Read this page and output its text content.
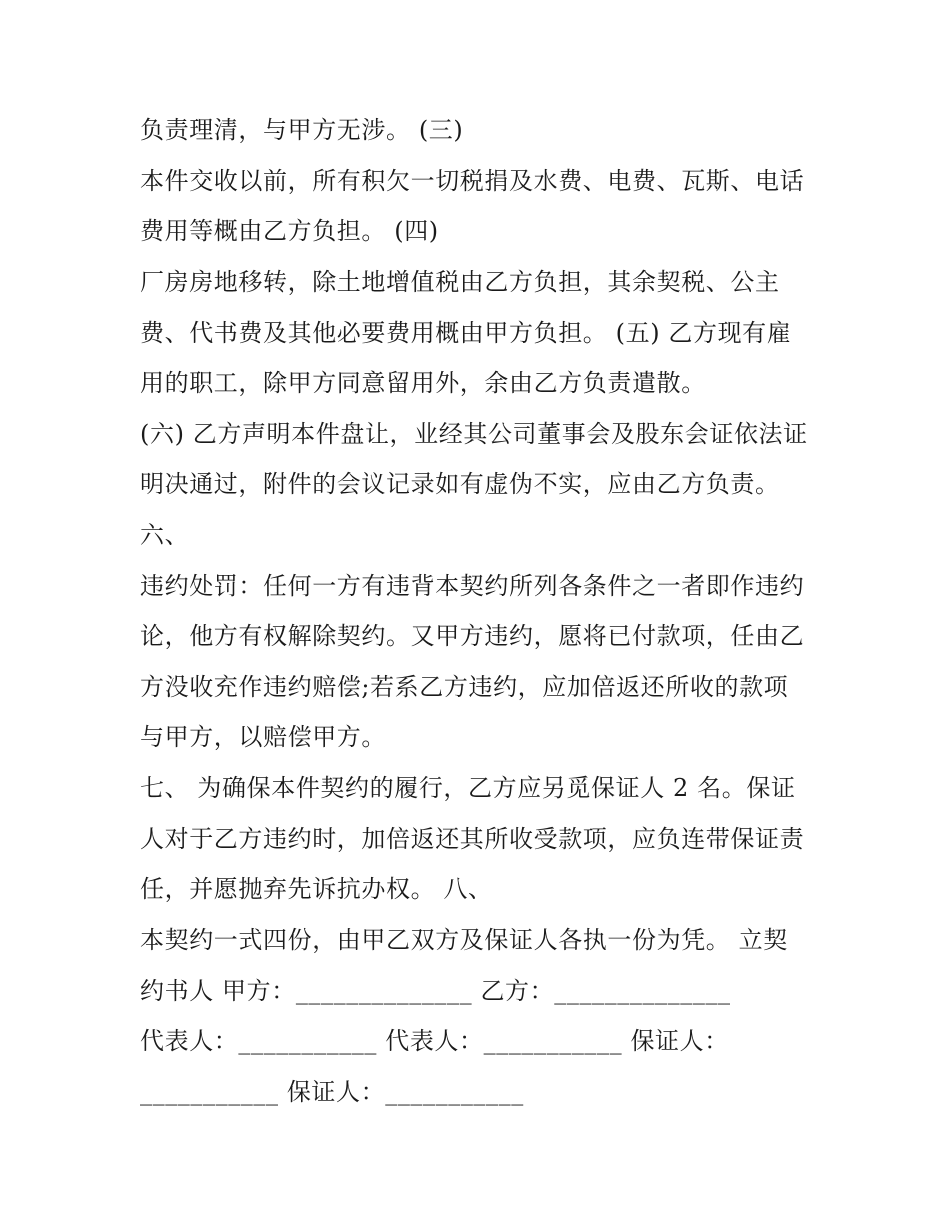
负责理清，与甲方无涉。 (三)
本件交收以前，所有积欠一切税捐及水费、电费、瓦斯、电话
费用等概由乙方负担。 (四)
厂房房地移转，除土地增值税由乙方负担，其余契税、公主
费、代书费及其他必要费用概由甲方负担。 (五) 乙方现有雇
用的职工，除甲方同意留用外，余由乙方负责遣散。
(六) 乙方声明本件盘让，业经其公司董事会及股东会证依法证
明决通过，附件的会议记录如有虚伪不实，应由乙方负责。
六、
违约处罚：任何一方有违背本契约所列各条件之一者即作违约
论，他方有权解除契约。又甲方违约，愿将已付款项，任由乙
方没收充作违约赔偿;若系乙方违约，应加倍返还所收的款项
与甲方，以赔偿甲方。
七、 为确保本件契约的履行，乙方应另觅保证人 2 名。保证
人对于乙方违约时，加倍返还其所收受款项，应负连带保证责
任，并愿抛弃先诉抗办权。 八、
本契约一式四份，由甲乙双方及保证人各执一份为凭。 立契
约书人 甲方：______________ 乙方：______________
代表人：___________ 代表人：___________ 保证人：
___________ 保证人：___________
